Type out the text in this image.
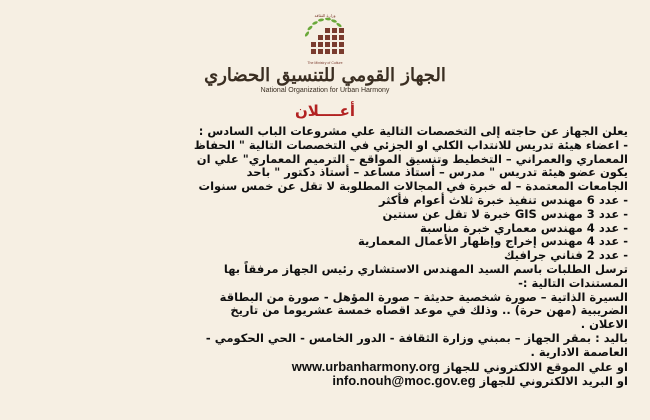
وزارة الثقافة
The Ministry of Culture
الجهاز القومي للتنسيق الحضاري
National Organization for Urban Harmony
أعــــلان

يعلن الجهاز عن حاجته إلى التخصصات التالية علي مشروعات الباب السادس :

- اعضاء هيئة تدريس للانتداب الكلي او الجزئي في التخصصات التالية " الحفاظ

المعماري والعمراني – التخطيط وتنسيق المواقع – الترميم المعماري" علي ان

يكون عضو هيئة تدريس " مدرس – أستاذ مساعد – أستاذ دكتور " باحد

الجامعات المعتمدة – له خبرة في المجالات المطلوبة لا تقل عن خمس سنوات

- عدد 6 مهندس تنفيذ خبرة ثلاث أعوام فأكثر

- عدد 3 مهندس GIS خبرة لا تقل عن سنتين

- عدد 4 مهندس معماري خبرة مناسبة

- عدد 4 مهندس إخراج وإظهار الأعمال المعمارية

- عدد 2 فناني جرافيك

ترسل الطلبات باسم السيد المهندس الاستشاري رئيس الجهاز مرفقاً بها

المستندات التالية :-

السيرة الذاتية – صورة شخصية حديثة – صورة المؤهل - صورة من البطاقة

الضريبية (مهن حرة) .. وذلك في موعد اقصاه خمسة عشريوما من تاريخ

الاعلان .

باليد : بمقر الجهاز – بمبني وزارة الثقافة - الدور الخامس - الحي الحكومي -

العاصمة الادارية .

او علي الموقع الالكتروني للجهاز www.urbanharmony.org

او البريد الالكتروني للجهاز info.nouh@moc.gov.eg
